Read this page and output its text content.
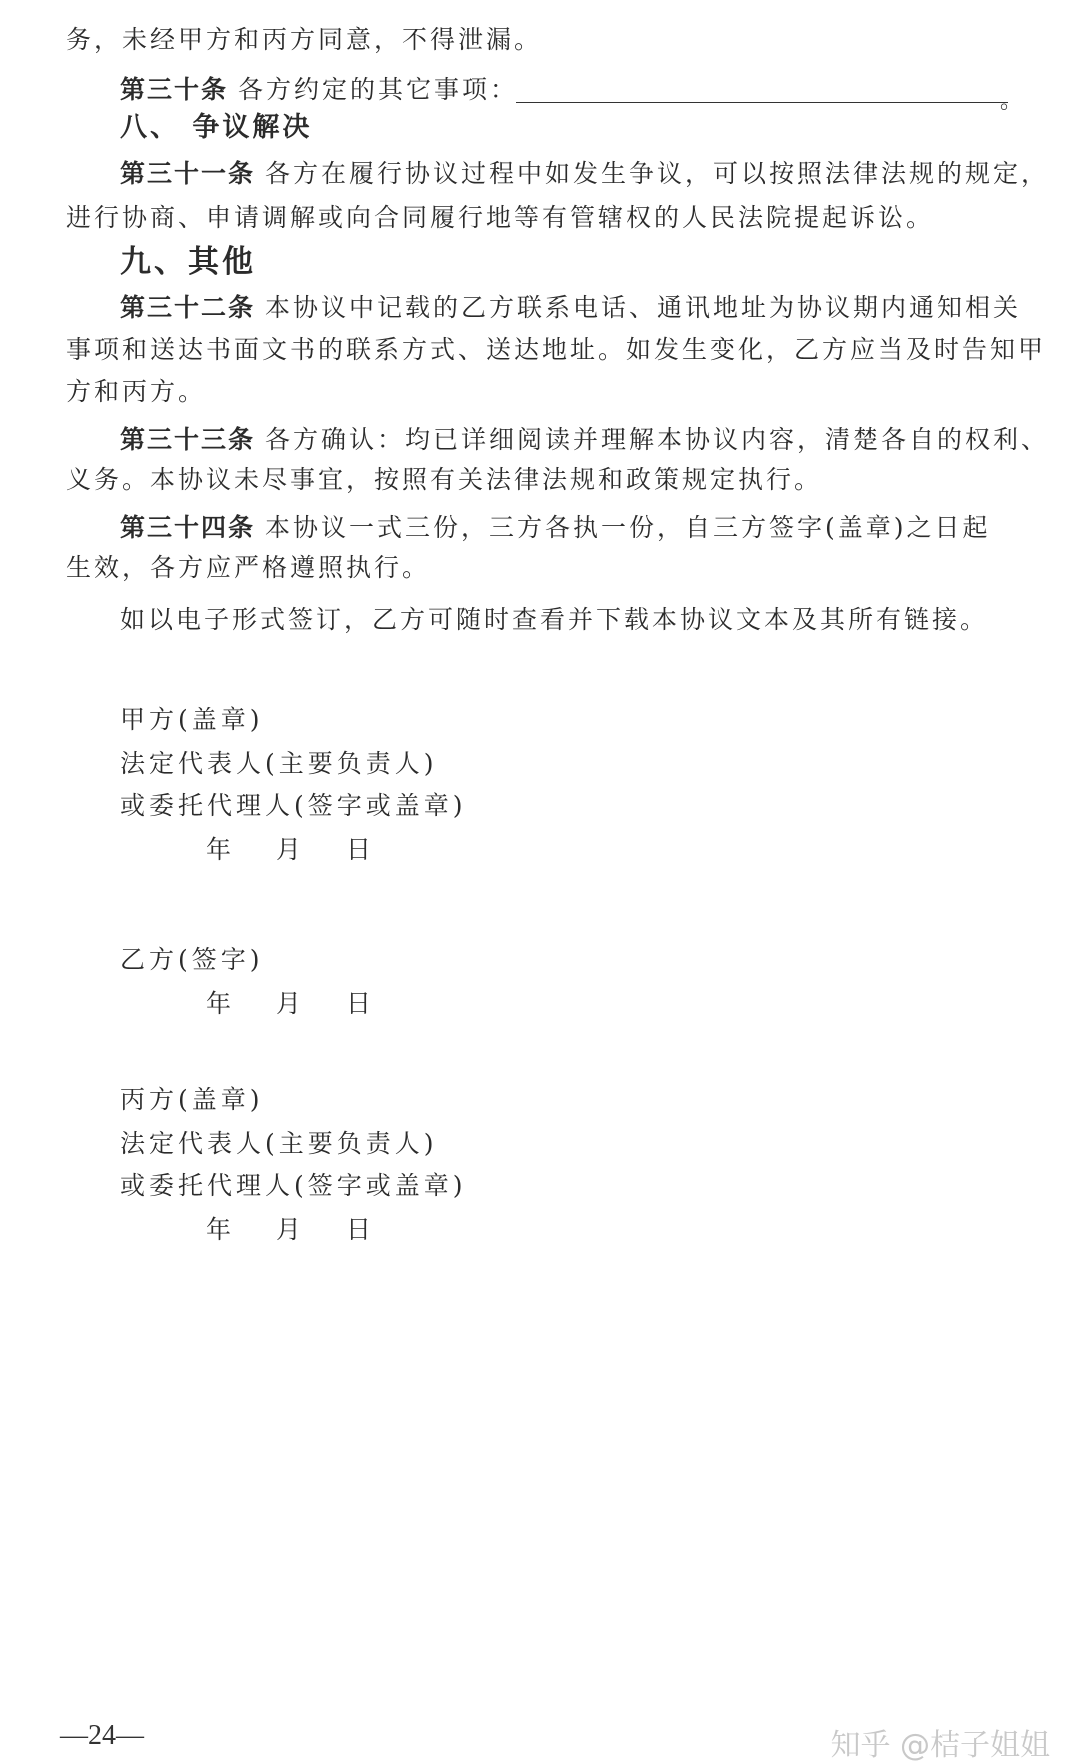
务，未经甲方和丙方同意，不得泄漏。
第三十条 各方约定的其它事项：	。
八、 争议解决
第三十一条 各方在履行协议过程中如发生争议，可以按照法律法规的规定，
进行协商、申请调解或向合同履行地等有管辖权的人民法院提起诉讼。
九、其他
第三十二条 本协议中记载的乙方联系电话、通讯地址为协议期内通知相关
事项和送达书面文书的联系方式、送达地址。如发生变化，乙方应当及时告知甲
方和丙方。
第三十三条 各方确认：均已详细阅读并理解本协议内容，清楚各自的权利、
义务。本协议未尽事宜，按照有关法律法规和政策规定执行。
第三十四条 本协议一式三份，三方各执一份，自三方签字(盖章)之日起
生效，各方应严格遵照执行。
如以电子形式签订，乙方可随时查看并下载本协议文本及其所有链接。
甲方(盖章)
法定代表人(主要负责人)
或委托代理人(签字或盖章)
年 月 日
乙方(签字)
年 月 日
丙方(盖章)
法定代表人(主要负责人)
或委托代理人(签字或盖章)
年 月 日
—24—	知乎 @桔子姐姐
